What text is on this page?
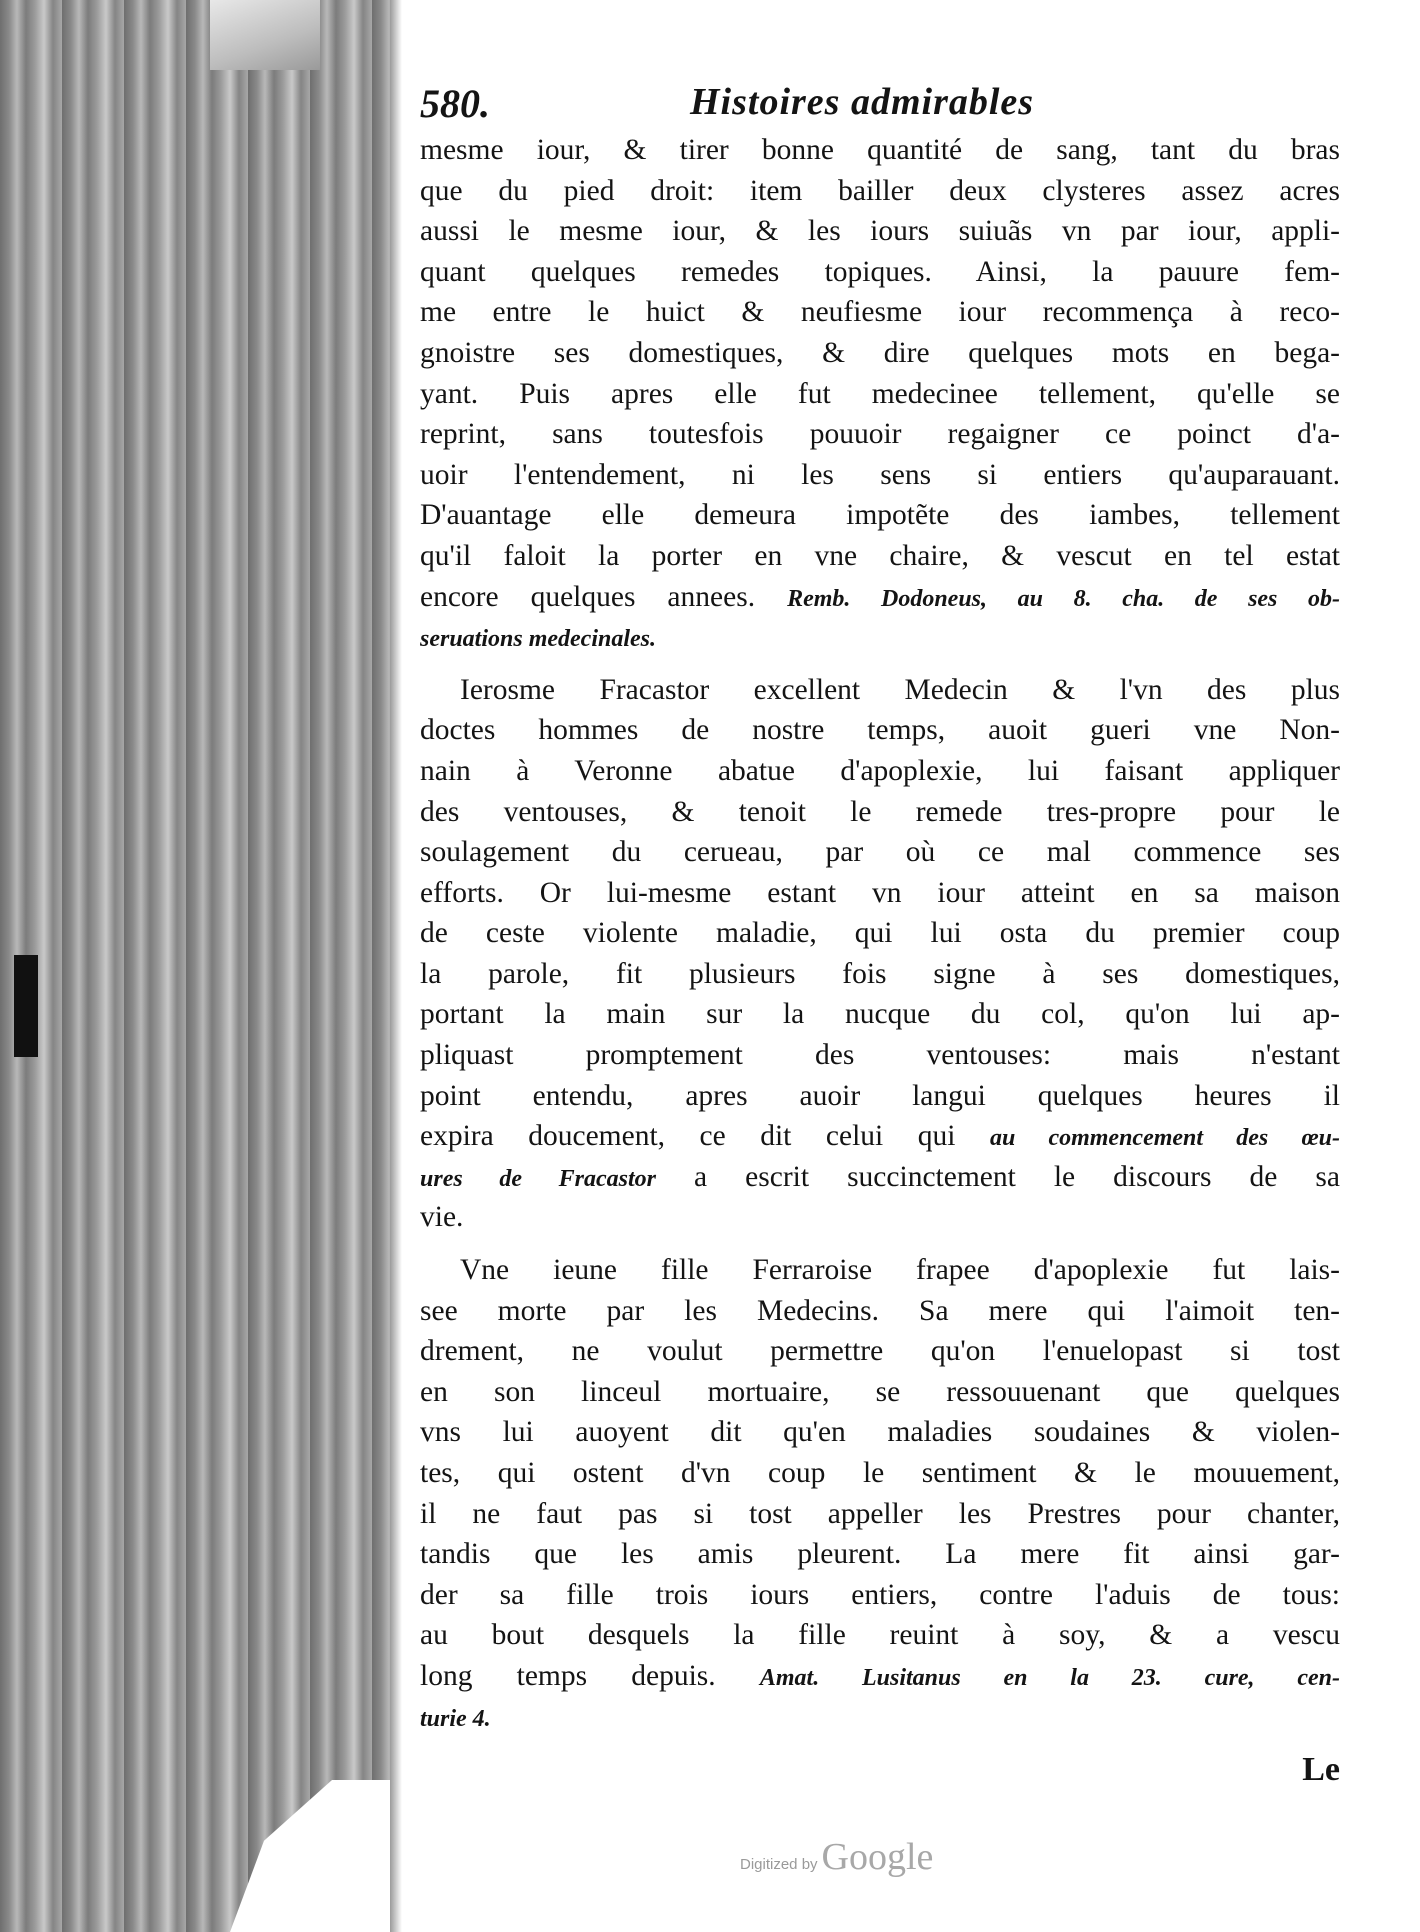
580.	Histoires admirables
mesme iour, & tirer bonne quantité de sang, tant du bras
que du pied droit: item bailler deux clysteres assez acres
aussi le mesme iour, & les iours suiuãs vn par iour, appli-
quant quelques remedes topiques. Ainsi, la pauure fem-
me entre le huict & neufiesme iour recommença à reco-
gnoistre ses domestiques, & dire quelques mots en bega-
yant. Puis apres elle fut medecinee tellement, qu'elle se
reprint, sans toutesfois pouuoir regaigner ce poinct d'a-
uoir l'entendement, ni les sens si entiers qu'auparauant.
D'auantage elle demeura impotẽte des iambes, tellement
qu'il faloit la porter en vne chaire, & vescut en tel estat
encore quelques annees. Remb. Dodoneus, au 8. cha. de ses ob-
seruations medecinales.
Ierosme Fracastor excellent Medecin & l'vn des plus
doctes hommes de nostre temps, auoit gueri vne Non-
nain à Veronne abatue d'apoplexie, lui faisant appliquer
des ventouses, & tenoit le remede tres-propre pour le
soulagement du cerueau, par où ce mal commence ses
efforts. Or lui-mesme estant vn iour atteint en sa maison
de ceste violente maladie, qui lui osta du premier coup
la parole, fit plusieurs fois signe à ses domestiques,
portant la main sur la nucque du col, qu'on lui ap-
pliquast promptement des ventouses: mais n'estant
point entendu, apres auoir langui quelques heures il
expira doucement, ce dit celui qui au commencement des œu-
ures de Fracastor a escrit succinctement le discours de sa
vie.
Vne ieune fille Ferraroise frapee d'apoplexie fut lais-
see morte par les Medecins. Sa mere qui l'aimoit ten-
drement, ne voulut permettre qu'on l'enuelopast si tost
en son linceul mortuaire, se ressouuenant que quelques
vns lui auoyent dit qu'en maladies soudaines & violen-
tes, qui ostent d'vn coup le sentiment & le mouuement,
il ne faut pas si tost appeller les Prestres pour chanter,
tandis que les amis pleurent. La mere fit ainsi gar-
der sa fille trois iours entiers, contre l'aduis de tous:
au bout desquels la fille reuint à soy, & a vescu
long temps depuis. Amat. Lusitanus en la 23. cure, cen-
turie 4.
Le
Digitized by Google
